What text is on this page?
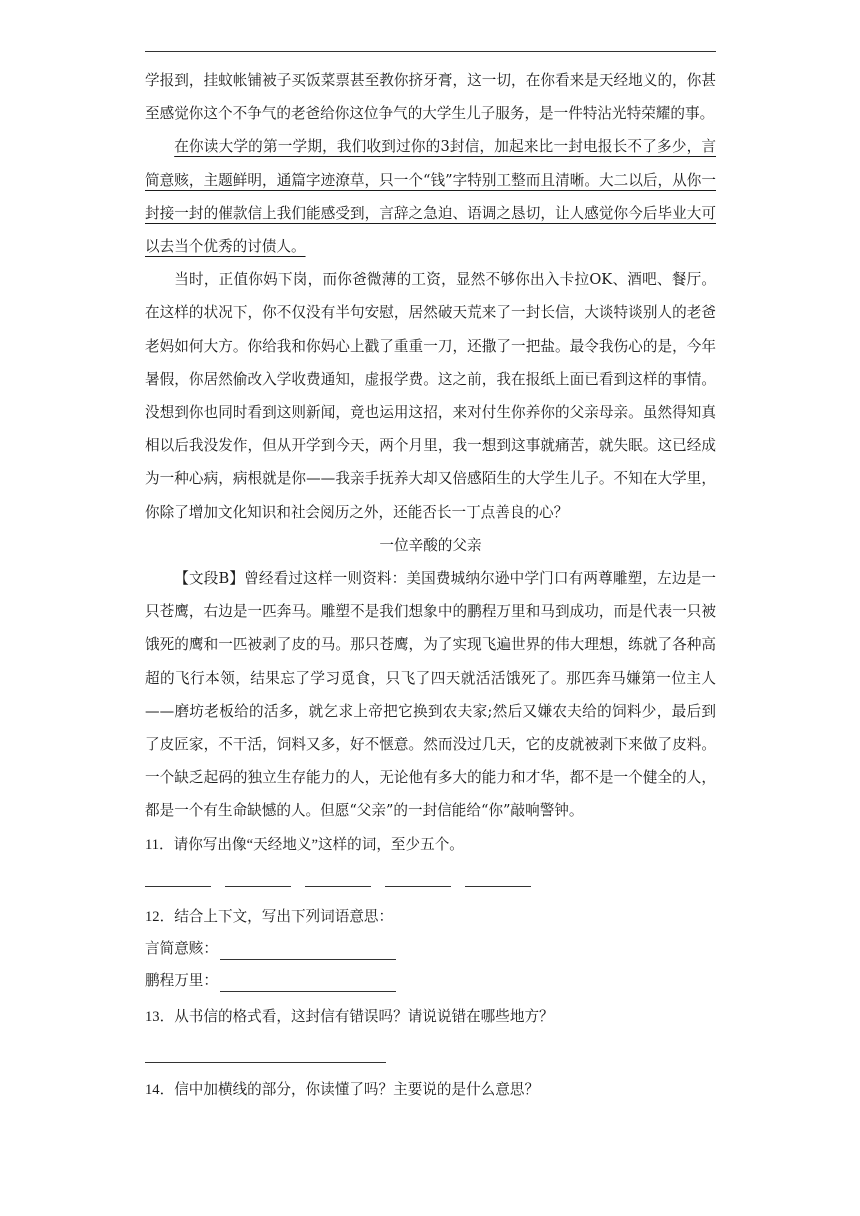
学报到，挂蚊帐铺被子买饭菜票甚至教你挤牙膏，这一切，在你看来是天经地义的，你甚至感觉你这个不争气的老爸给你这位争气的大学生儿子服务，是一件特沾光特荣耀的事。

在你读大学的第一学期，我们收到过你的3封信，加起来比一封电报长不了多少，言简意赅，主题鲜明，通篇字迹潦草，只一个“钱”字特别工整而且清晰。大二以后，从你一封接一封的催款信上我们能感受到，言辞之急迫、语调之恳切，让人感觉你今后毕业大可以去当个优秀的讨债人。

当时，正值你妈下岗，而你爸微薄的工资，显然不够你出入卡拉OK、酒吧、餐厅。在这样的状况下，你不仅没有半句安慰，居然破天荒来了一封长信，大谈特谈别人的老爸老妈如何大方。你给我和你妈心上戳了重重一刀，还撒了一把盐。最令我伤心的是，今年暑假，你居然偷改入学收费通知，虚报学费。这之前，我在报纸上面已看到这样的事情。没想到你也同时看到这则新闻，竟也运用这招，来对付生你养你的父亲母亲。虽然得知真相以后我没发作，但从开学到今天，两个月里，我一想到这事就痛苦，就失眠。这已经成为一种心病，病根就是你——我亲手抚养大却又倍感陌生的大学生儿子。不知在大学里，你除了增加文化知识和社会阅历之外，还能否长一丁点善良的心？

一位辛酸的父亲

【文段B】曾经看过这样一则资料：美国费城纳尔逊中学门口有两尊雕塑，左边是一只苍鹰，右边是一匹奔马。雕塑不是我们想象中的鹏程万里和马到成功，而是代表一只被饿死的鹰和一匹被剥了皮的马。那只苍鹰，为了实现飞遍世界的伟大理想，练就了各种高超的飞行本领，结果忘了学习觅食，只飞了四天就活活饿死了。那匹奔马嫌第一位主人——磨坊老板给的活多，就乞求上帝把它换到农夫家;然后又嫌农夫给的饲料少，最后到了皮匠家，不干活，饲料又多，好不惬意。然而没过几天，它的皮就被剥下来做了皮料。一个缺乏起码的独立生存能力的人，无论他有多大的能力和才华，都不是一个健全的人，都是一个有生命缺憾的人。但愿“父亲”的一封信能给“你”敲响警钟。

11．请你写出像“天经地义”这样的词，至少五个。

12．结合上下文，写出下列词语意思：

言简意赅：
鹏程万里：

13．从书信的格式看，这封信有错误吗？请说说错在哪些地方？

14．信中加横线的部分，你读懂了吗？主要说的是什么意思？
